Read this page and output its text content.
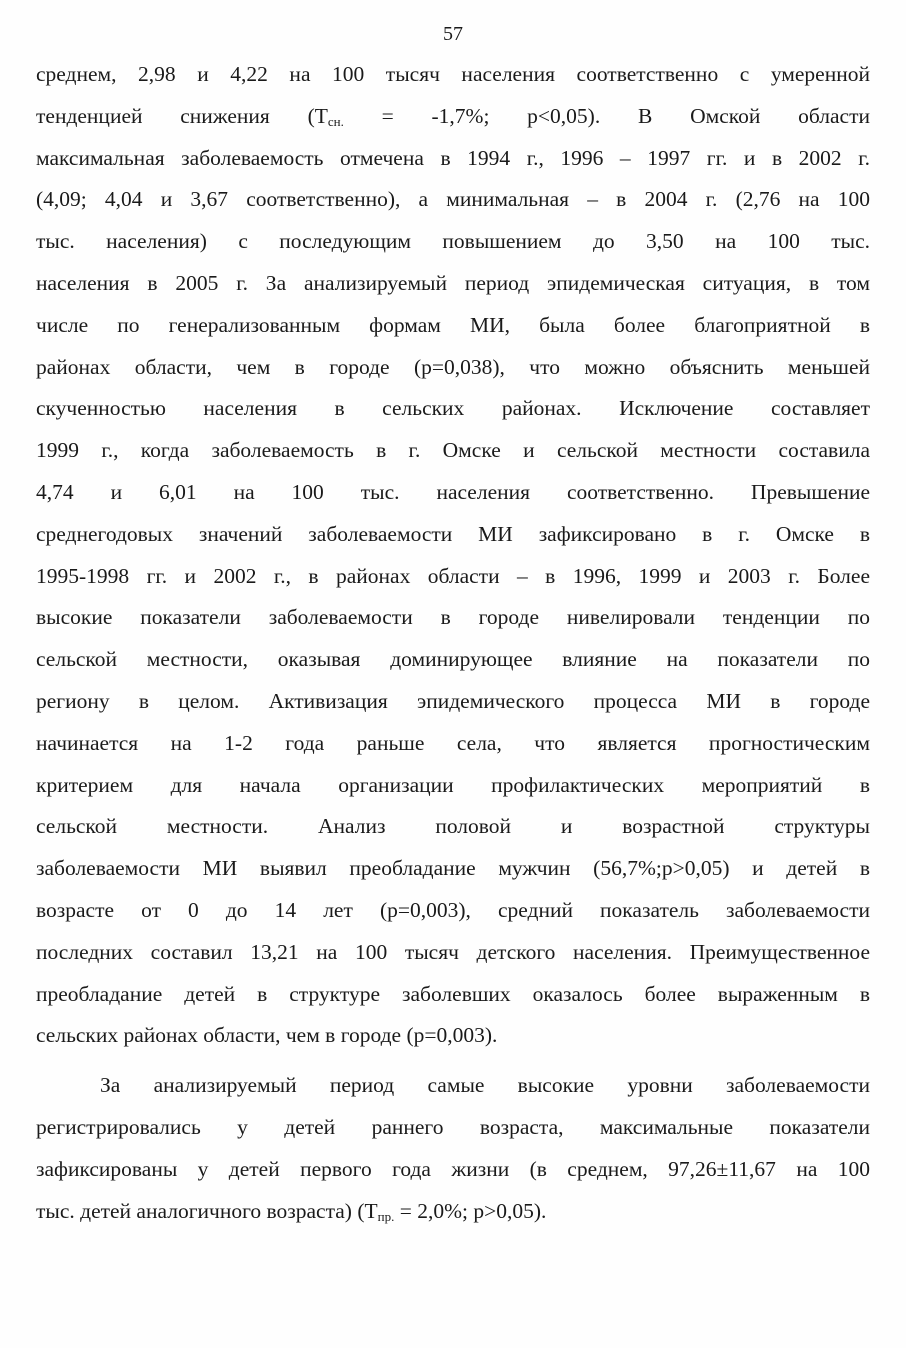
57
среднем, 2,98 и 4,22 на 100 тысяч населения соответственно с умеренной
тенденцией снижения ($Т_{сн.} = -1,7\%$; p<0,05). В Омской области
максимальная заболеваемость отмечена в 1994 г., 1996 – 1997 гг. и в 2002 г.
(4,09; 4,04 и 3,67 соответственно), а минимальная – в 2004 г. (2,76 на 100
тыс. населения) с последующим повышением до 3,50 на 100 тыс.
населения в 2005 г. За анализируемый период эпидемическая ситуация, в том
числе по генерализованным формам МИ, была более благоприятной в
районах области, чем в городе (p=0,038), что можно объяснить меньшей
скученностью населения в сельских районах. Исключение составляет
1999 г., когда заболеваемость в г. Омске и сельской местности составила
4,74 и 6,01 на 100 тыс. населения соответственно. Превышение
среднегодовых значений заболеваемости МИ зафиксировано в г. Омске в
1995-1998 гг. и 2002 г., в районах области – в 1996, 1999 и 2003 г. Более
высокие показатели заболеваемости в городе нивелировали тенденции по
сельской местности, оказывая доминирующее влияние на показатели по
региону в целом. Активизация эпидемического процесса МИ в городе
начинается на 1-2 года раньше села, что является прогностическим
критерием для начала организации профилактических мероприятий в
сельской местности. Анализ половой и возрастной структуры
заболеваемости МИ выявил преобладание мужчин (56,7%;p>0,05) и детей в
возрасте от 0 до 14 лет (p=0,003), средний показатель заболеваемости
последних составил 13,21 на 100 тысяч детского населения. Преимущественное
преобладание детей в структуре заболевших оказалось более выраженным в
сельских районах области, чем в городе (p=0,003).
За анализируемый период самые высокие уровни заболеваемости
регистрировались у детей раннего возраста, максимальные показатели
зафиксированы у детей первого года жизни (в среднем, 97,26±11,67 на 100
тыс. детей аналогичного возраста) ($Т_{пр.} = 2,0\%$; p>0,05).
